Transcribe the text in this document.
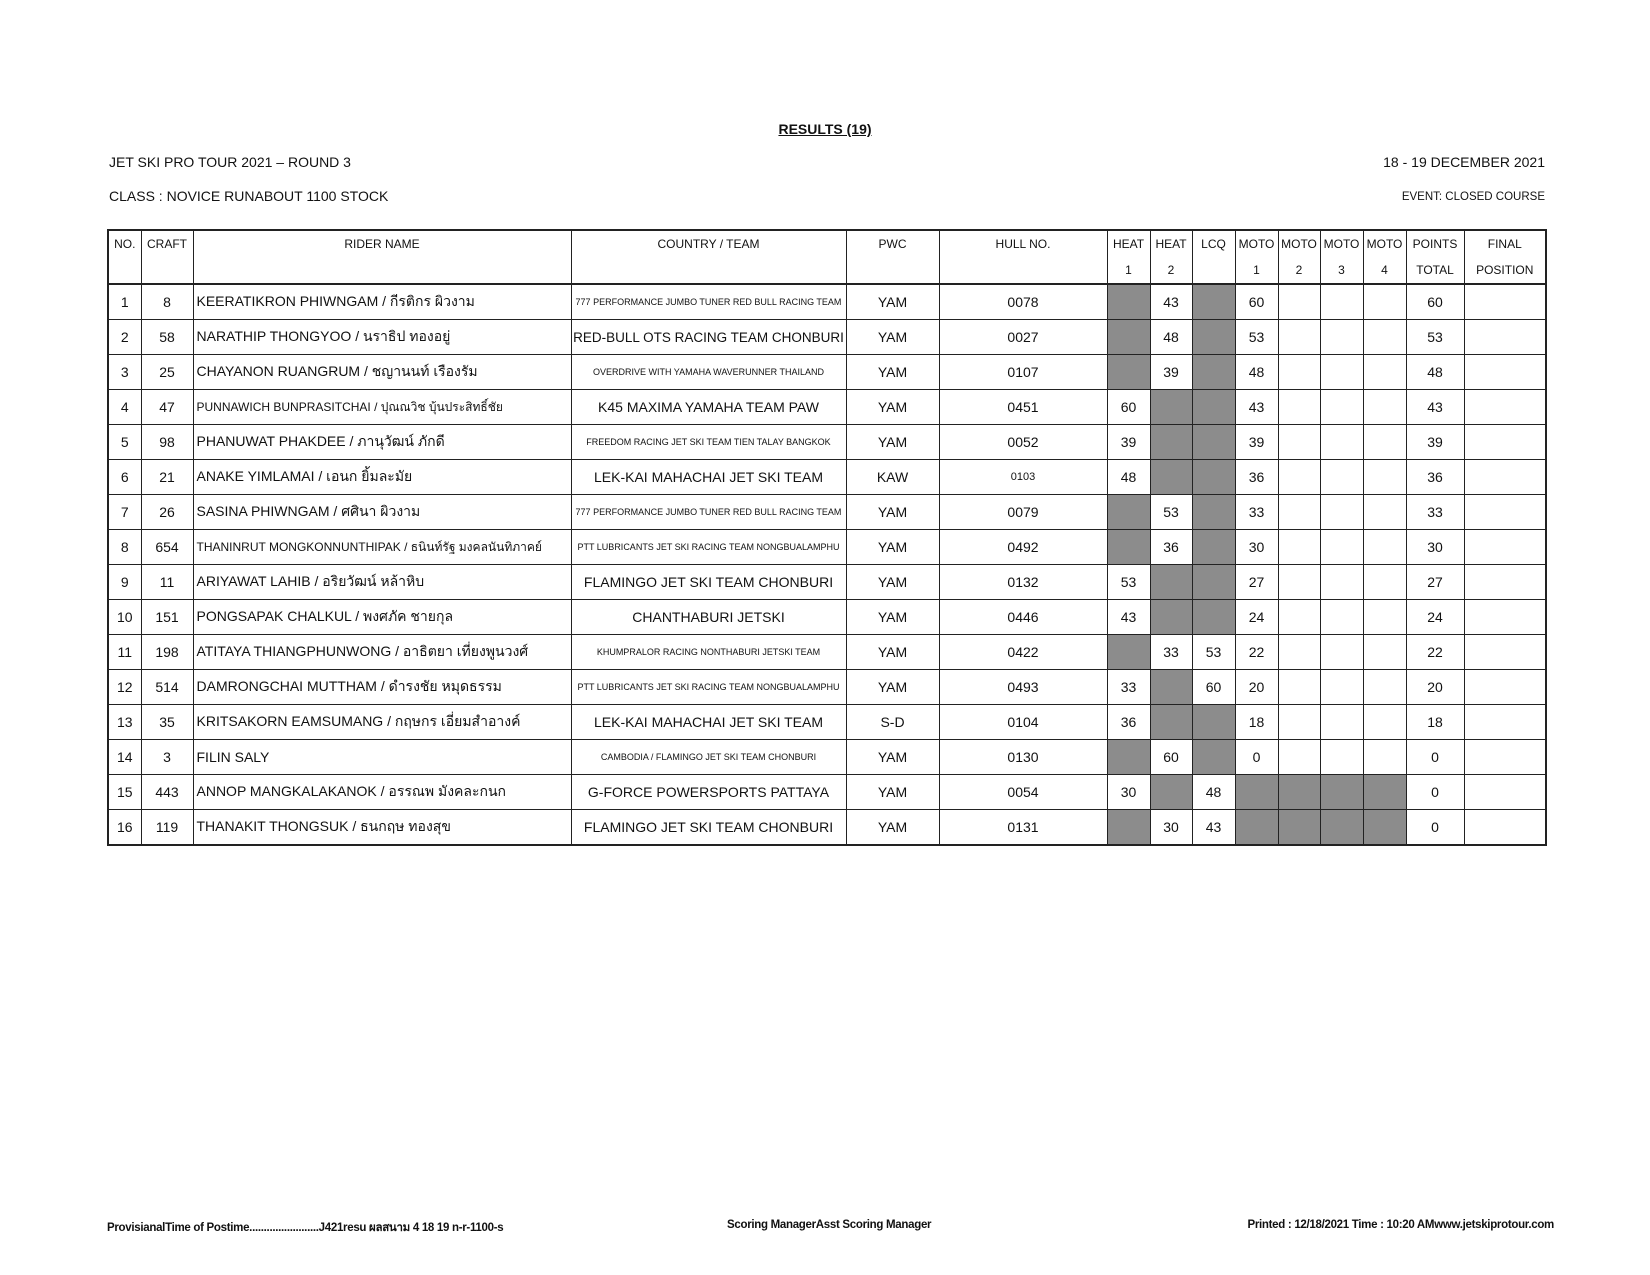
RESULTS (19)
JET SKI PRO TOUR 2021 – ROUND 3	18 - 19 DECEMBER 2021
CLASS : NOVICE RUNABOUT 1100 STOCK	EVENT: CLOSED COURSE
NO.	CRAFT	RIDER NAME	COUNTRY / TEAM	PWC	HULL NO.	HEAT	HEAT	LCQ	MOTO	MOTO	MOTO	MOTO	POINTS	FINAL
						1	2		1	2	3	4	TOTAL	POSITION
1	8	KEERATIKRON PHIWNGAM / กีรติกร ผิวงาม	777 PERFORMANCE JUMBO TUNER RED BULL RACING TEAM	YAM	0078		43		60				60	
2	58	NARATHIP THONGYOO / นราธิป ทองอยู่	RED-BULL OTS RACING TEAM CHONBURI	YAM	0027		48		53				53	
3	25	CHAYANON RUANGRUM / ชญานนท์ เรืองรัม	OVERDRIVE WITH YAMAHA WAVERUNNER THAILAND	YAM	0107		39		48				48	
4	47	PUNNAWICH BUNPRASITCHAI / ปุณณวิช บุ้นประสิทธิ์ชัย	K45 MAXIMA YAMAHA TEAM PAW	YAM	0451	60			43				43	
5	98	PHANUWAT PHAKDEE / ภานุวัฒน์ ภักดี	FREEDOM RACING JET SKI TEAM TIEN TALAY BANGKOK	YAM	0052	39			39				39	
6	21	ANAKE YIMLAMAI / เอนก ยิ้มละมัย	LEK-KAI MAHACHAI JET SKI TEAM	KAW	0103	48			36				36	
7	26	SASINA PHIWNGAM / ศศินา ผิวงาม	777 PERFORMANCE JUMBO TUNER RED BULL RACING TEAM	YAM	0079		53		33				33	
8	654	THANINRUT MONGKONNUNTHIPAK / ธนินท์รัฐ มงคลนันทิภาคย์	PTT LUBRICANTS JET SKI RACING TEAM NONGBUALAMPHU	YAM	0492		36		30				30	
9	11	ARIYAWAT LAHIB / อริยวัฒน์ หล้าหิบ	FLAMINGO JET SKI TEAM CHONBURI	YAM	0132	53			27				27	
10	151	PONGSAPAK CHALKUL / พงศภัค ชายกุล	CHANTHABURI JETSKI	YAM	0446	43			24				24	
11	198	ATITAYA THIANGPHUNWONG / อาธิตยา เที่ยงพูนวงศ์	KHUMPRALOR RACING NONTHABURI JETSKI TEAM	YAM	0422		33	53	22				22	
12	514	DAMRONGCHAI MUTTHAM / ดำรงชัย หมุดธรรม	PTT LUBRICANTS JET SKI RACING TEAM NONGBUALAMPHU	YAM	0493	33		60	20				20	
13	35	KRITSAKORN EAMSUMANG / กฤษกร เอี่ยมสำอางค์	LEK-KAI MAHACHAI JET SKI TEAM	S-D	0104	36			18				18	
14	3	FILIN SALY	CAMBODIA / FLAMINGO JET SKI TEAM CHONBURI	YAM	0130		60		0				0	
15	443	ANNOP MANGKALAKANOK / อรรณพ มังคละกนก	G-FORCE POWERSPORTS PATTAYA	YAM	0054	30		48					0	
16	119	THANAKIT THONGSUK / ธนกฤษ ทองสุข	FLAMINGO JET SKI TEAM CHONBURI	YAM	0131		30	43					0	
ProvisianalTime of Postime........................J421resu ผลสนาม 4 18 19 n-r-1100-s	Scoring ManagerAsst Scoring Manager	Printed : 12/18/2021 Time : 10:20 AMwww.jetskiprotour.com
